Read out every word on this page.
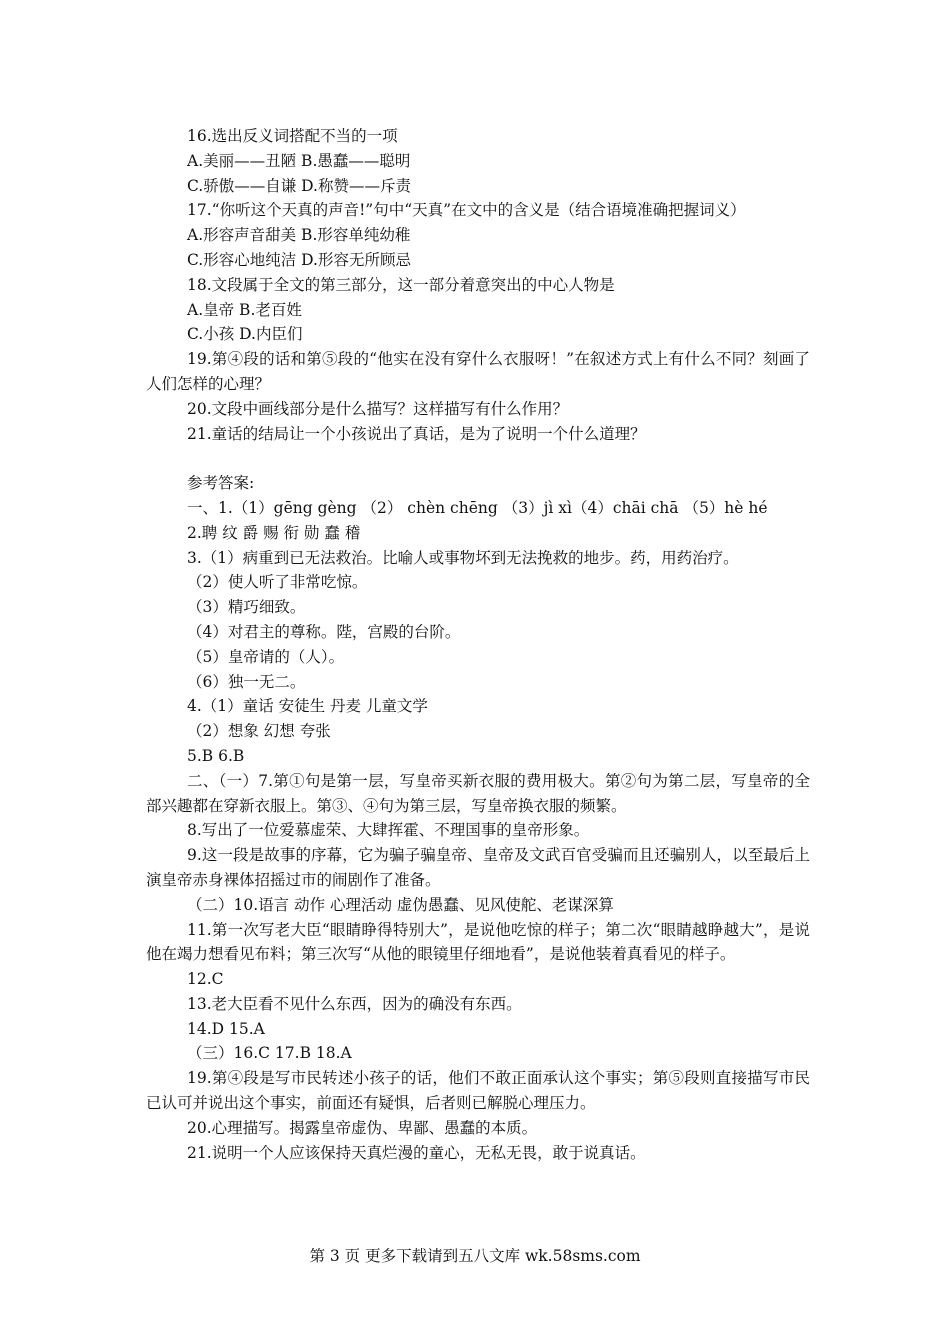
16.选出反义词搭配不当的一项
A.美丽——丑陋 B.愚蠢——聪明
C.骄傲——自谦 D.称赞——斥责
17.“你听这个天真的声音!”句中“天真”在文中的含义是（结合语境准确把握词义）
A.形容声音甜美 B.形容单纯幼稚
C.形容心地纯洁 D.形容无所顾忌
18.文段属于全文的第三部分，这一部分着意突出的中心人物是
A.皇帝 B.老百姓
C.小孩 D.内臣们
19.第④段的话和第⑤段的“他实在没有穿什么衣服呀！”在叙述方式上有什么不同？刻画了人们怎样的心理？
20.文段中画线部分是什么描写？这样描写有什么作用？
21.童话的结局让一个小孩说出了真话，是为了说明一个什么道理？
参考答案:
一、1.（1）gēng gèng （2） chèn chēng （3）jì xì（4）chāi chā （5）hè hé
2.聘 纹 爵 赐 衔 勋 蠢 稽
3.（1）病重到已无法救治。比喻人或事物坏到无法挽救的地步。药，用药治疗。
（2）使人听了非常吃惊。
（3）精巧细致。
（4）对君主的尊称。陛，宫殿的台阶。
（5）皇帝请的（人）。
（6）独一无二。
4.（1）童话 安徒生 丹麦 儿童文学
（2）想象 幻想 夸张
5.B 6.B
二、（一）7.第①句是第一层，写皇帝买新衣服的费用极大。第②句为第二层，写皇帝的全部兴趣都在穿新衣服上。第③、④句为第三层，写皇帝换衣服的频繁。
8.写出了一位爱慕虚荣、大肆挥霍、不理国事的皇帝形象。
9.这一段是故事的序幕，它为骗子骗皇帝、皇帝及文武百官受骗而且还骗别人，以至最后上演皇帝赤身裸体招摇过市的闹剧作了准备。
（二）10.语言 动作 心理活动 虚伪愚蠢、见风使舵、老谋深算
11.第一次写老大臣“眼睛睁得特别大”，是说他吃惊的样子；第二次“眼睛越睁越大”，是说他在竭力想看见布料；第三次写“从他的眼镜里仔细地看”，是说他装着真看见的样子。
12.C
13.老大臣看不见什么东西，因为的确没有东西。
14.D 15.A
（三）16.C 17.B 18.A
19.第④段是写市民转述小孩子的话，他们不敢正面承认这个事实；第⑤段则直接描写市民已认可并说出这个事实，前面还有疑惧，后者则已解脱心理压力。
20.心理描写。揭露皇帝虚伪、卑鄙、愚蠢的本质。
21.说明一个人应该保持天真烂漫的童心，无私无畏，敢于说真话。
第 3 页 更多下载请到五八文库 wk.58sms.com
